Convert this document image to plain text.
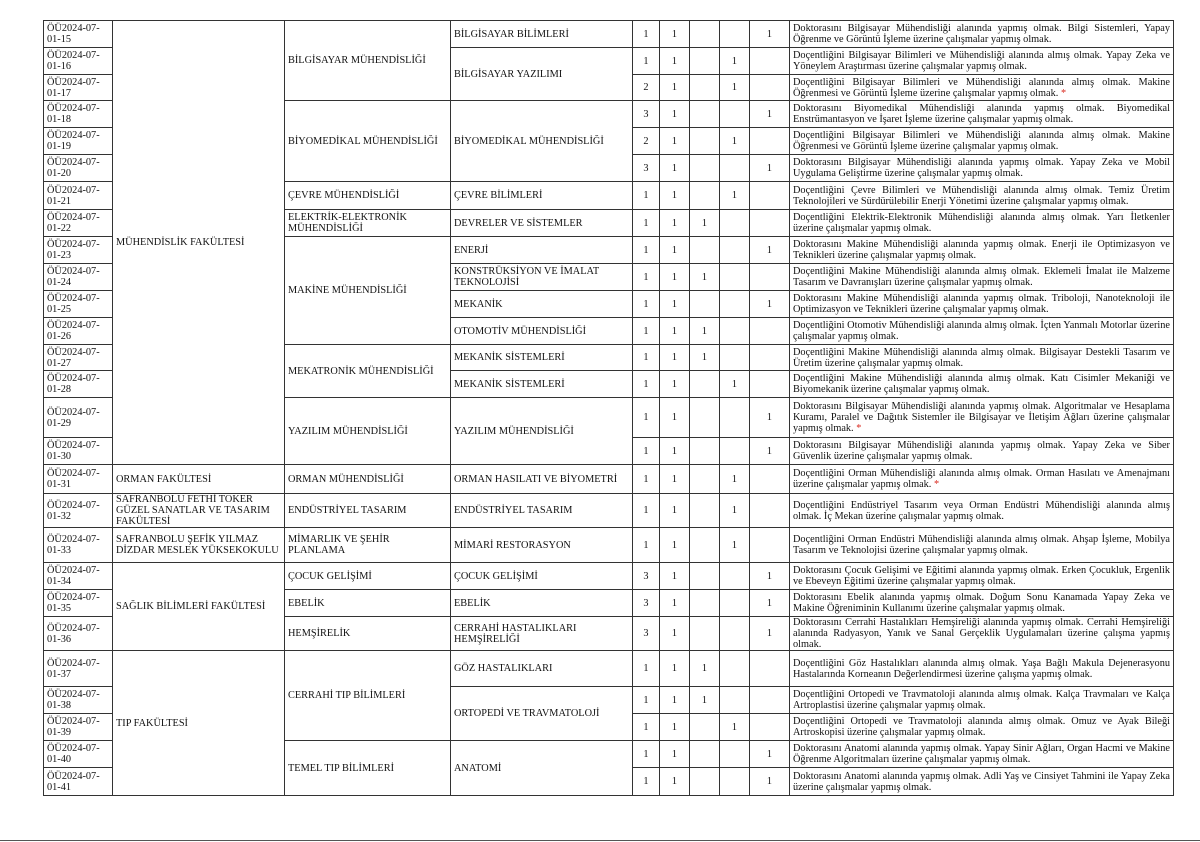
ÖÜ2024-07-01-15	MÜHENDİSLİK FAKÜLTESİ	BİLGİSAYAR MÜHENDİSLİĞİ	BİLGİSAYAR BİLİMLERİ	1	1			1	Doktorasını Bilgisayar Mühendisliği alanında yapmış olmak. Bilgi Sistemleri, Yapay Öğrenme ve Görüntü İşleme üzerine çalışmalar yapmış olmak.
ÖÜ2024-07-01-16			BİLGİSAYAR YAZILIMI	1	1		1		Doçentliğini Bilgisayar Bilimleri ve Mühendisliği alanında almış olmak. Yapay Zeka ve Yöneylem Araştırması üzerine çalışmalar yapmış olmak.
ÖÜ2024-07-01-17				2	1		1		Doçentliğini Bilgisayar Bilimleri ve Mühendisliği alanında almış olmak. Makine Öğrenmesi ve Görüntü İşleme üzerine çalışmalar yapmış olmak. *
ÖÜ2024-07-01-18		BİYOMEDİKAL MÜHENDİSLİĞİ	BİYOMEDİKAL MÜHENDİSLİĞİ	3	1			1	Doktorasını Biyomedikal Mühendisliği alanında yapmış olmak. Biyomedikal Enstrümantasyon ve İşaret İşleme üzerine çalışmalar yapmış olmak.
ÖÜ2024-07-01-19				2	1		1		Doçentliğini Bilgisayar Bilimleri ve Mühendisliği alanında almış olmak. Makine Öğrenmesi ve Görüntü İşleme üzerine çalışmalar yapmış olmak.
ÖÜ2024-07-01-20				3	1			1	Doktorasını Bilgisayar Mühendisliği alanında yapmış olmak. Yapay Zeka ve Mobil Uygulama Geliştirme üzerine çalışmalar yapmış olmak.
ÖÜ2024-07-01-21		ÇEVRE MÜHENDİSLİĞİ	ÇEVRE BİLİMLERİ	1	1		1		Doçentliğini Çevre Bilimleri ve Mühendisliği alanında almış olmak. Temiz Üretim Teknolojileri ve Sürdürülebilir Enerji Yönetimi üzerine çalışmalar yapmış olmak.
ÖÜ2024-07-01-22		ELEKTRİK-ELEKTRONİK MÜHENDİSLİĞİ	DEVRELER VE SİSTEMLER	1	1	1			Doçentliğini Elektrik-Elektronik Mühendisliği alanında almış olmak. Yarı İletkenler üzerine çalışmalar yapmış olmak.
ÖÜ2024-07-01-23		MAKİNE MÜHENDİSLİĞİ	ENERJİ	1	1			1	Doktorasını Makine Mühendisliği alanında yapmış olmak. Enerji ile Optimizasyon ve Teknikleri üzerine çalışmalar yapmış olmak.
ÖÜ2024-07-01-24			KONSTRÜKSİYON VE İMALAT TEKNOLOJİSİ	1	1	1			Doçentliğini Makine Mühendisliği alanında almış olmak. Eklemeli İmalat ile Malzeme Tasarım ve Davranışları üzerine çalışmalar yapmış olmak.
ÖÜ2024-07-01-25			MEKANİK	1	1			1	Doktorasını Makine Mühendisliği alanında yapmış olmak. Triboloji, Nanoteknoloji ile Optimizasyon ve Teknikleri üzerine çalışmalar yapmış olmak.
ÖÜ2024-07-01-26			OTOMOTİV MÜHENDİSLİĞİ	1	1	1			Doçentliğini Otomotiv Mühendisliği alanında almış olmak. İçten Yanmalı Motorlar üzerine çalışmalar yapmış olmak.
ÖÜ2024-07-01-27		MEKATRONİK MÜHENDİSLİĞİ	MEKANİK SİSTEMLERİ	1	1	1			Doçentliğini Makine Mühendisliği alanında almış olmak. Bilgisayar Destekli Tasarım ve Üretim üzerine çalışmalar yapmış olmak.
ÖÜ2024-07-01-28			MEKANİK SİSTEMLERİ	1	1		1		Doçentliğini Makine Mühendisliği alanında almış olmak. Katı Cisimler Mekaniği ve Biyomekanik üzerine çalışmalar yapmış olmak.
ÖÜ2024-07-01-29		YAZILIM MÜHENDİSLİĞİ	YAZILIM MÜHENDİSLİĞİ	1	1			1	Doktorasını Bilgisayar Mühendisliği alanında yapmış olmak. Algoritmalar ve Hesaplama Kuramı, Paralel ve Dağıtık Sistemler ile Bilgisayar ve İletişim Ağları üzerine çalışmalar yapmış olmak. *
ÖÜ2024-07-01-30				1	1			1	Doktorasını Bilgisayar Mühendisliği alanında yapmış olmak. Yapay Zeka ve Siber Güvenlik üzerine çalışmalar yapmış olmak.
ÖÜ2024-07-01-31	ORMAN FAKÜLTESİ	ORMAN MÜHENDİSLİĞİ	ORMAN HASILATI VE BİYOMETRİ	1	1		1		Doçentliğini Orman Mühendisliği alanında almış olmak. Orman Hasılatı ve Amenajmanı üzerine çalışmalar yapmış olmak. *
ÖÜ2024-07-01-32	SAFRANBOLU FETHİ TOKER GÜZEL SANATLAR VE TASARIM FAKÜLTESİ	ENDÜSTRİYEL TASARIM	ENDÜSTRİYEL TASARIM	1	1		1		Doçentliğini Endüstriyel Tasarım veya Orman Endüstri Mühendisliği alanında almış olmak. İç Mekan üzerine çalışmalar yapmış olmak.
ÖÜ2024-07-01-33	SAFRANBOLU ŞEFİK YILMAZ DİZDAR MESLEK YÜKSEKOKULU	MİMARLIK VE ŞEHİR PLANLAMA	MİMARİ RESTORASYON	1	1		1		Doçentliğini Orman Endüstri Mühendisliği alanında almış olmak. Ahşap İşleme, Mobilya Tasarım ve Teknolojisi üzerine çalışmalar yapmış olmak.
ÖÜ2024-07-01-34	SAĞLIK BİLİMLERİ FAKÜLTESİ	ÇOCUK GELİŞİMİ	ÇOCUK GELİŞİMİ	3	1			1	Doktorasını Çocuk Gelişimi ve Eğitimi alanında yapmış olmak. Erken Çocukluk, Ergenlik ve Ebeveyn Eğitimi üzerine çalışmalar yapmış olmak.
ÖÜ2024-07-01-35		EBELİK	EBELİK	3	1			1	Doktorasını Ebelik alanında yapmış olmak. Doğum Sonu Kanamada Yapay Zeka ve Makine Öğreniminin Kullanımı üzerine çalışmalar yapmış olmak.
ÖÜ2024-07-01-36		HEMŞİRELİK	CERRAHİ HASTALIKLARI HEMŞİRELİĞİ	3	1			1	Doktorasını Cerrahi Hastalıkları Hemşireliği alanında yapmış olmak. Cerrahi Hemşireliği alanında Radyasyon, Yanık ve Sanal Gerçeklik Uygulamaları üzerine çalışma yapmış olmak.
ÖÜ2024-07-01-37	TIP FAKÜLTESİ	CERRAHİ TIP BİLİMLERİ	GÖZ HASTALIKLARI	1	1	1			Doçentliğini Göz Hastalıkları alanında almış olmak. Yaşa Bağlı Makula Dejenerasyonu Hastalarında Korneanın Değerlendirmesi üzerine çalışma yapmış olmak.
ÖÜ2024-07-01-38			ORTOPEDİ VE TRAVMATOLOJİ	1	1	1			Doçentliğini Ortopedi ve Travmatoloji alanında almış olmak. Kalça Travmaları ve Kalça Artroplastisi üzerine çalışmalar yapmış olmak.
ÖÜ2024-07-01-39				1	1		1		Doçentliğini Ortopedi ve Travmatoloji alanında almış olmak. Omuz ve Ayak Bileği Artroskopisi üzerine çalışmalar yapmış olmak.
ÖÜ2024-07-01-40		TEMEL TIP BİLİMLERİ	ANATOMİ	1	1			1	Doktorasını Anatomi alanında yapmış olmak. Yapay Sinir Ağları, Organ Hacmi ve Makine Öğrenme Algoritmaları üzerine çalışmalar yapmış olmak.
ÖÜ2024-07-01-41				1	1			1	Doktorasını Anatomi alanında yapmış olmak. Adli Yaş ve Cinsiyet Tahmini ile Yapay Zeka üzerine çalışmalar yapmış olmak.
